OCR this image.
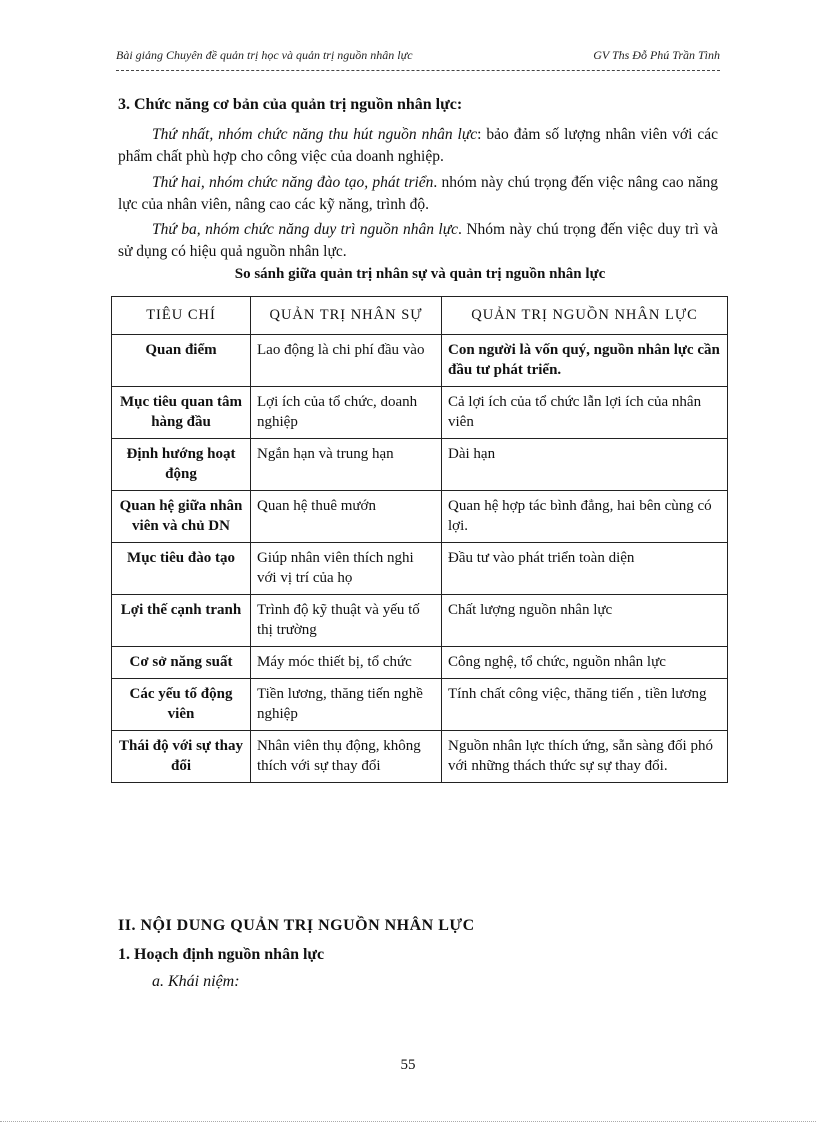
Bài giảng Chuyên đề quản trị học và quản trị nguồn nhân lực	GV Ths Đỗ Phú Trần Tình
3. Chức năng cơ bản của quản trị nguồn nhân lực:
Thứ nhất, nhóm chức năng thu hút nguồn nhân lực: bảo đảm số lượng nhân viên với các phẩm chất phù hợp cho công việc của doanh nghiệp.
Thứ hai, nhóm chức năng đào tạo, phát triển. nhóm này chú trọng đến việc nâng cao năng lực của nhân viên, nâng cao các kỹ năng, trình độ.
Thứ ba, nhóm chức năng duy trì nguồn nhân lực. Nhóm này chú trọng đến việc duy trì và sử dụng có hiệu quả nguồn nhân lực.
So sánh giữa quản trị nhân sự và quản trị nguồn nhân lực
TIÊU CHÍ	QUẢN TRỊ NHÂN SỰ	QUẢN TRỊ NGUỒN NHÂN LỰC
Quan điểm	Lao động là chi phí đầu vào	Con người là vốn quý, nguồn nhân lực cần đầu tư phát triển.
Mục tiêu quan tâm hàng đầu	Lợi ích của tổ chức, doanh nghiệp	Cả lợi ích của tổ chức lẫn lợi ích của nhân viên
Định hướng hoạt động	Ngắn hạn và trung hạn	Dài hạn
Quan hệ giữa nhân viên và chủ DN	Quan hệ thuê mướn	Quan hệ hợp tác bình đẳng, hai bên cùng có lợi.
Mục tiêu đào tạo	Giúp nhân viên thích nghi với vị trí của họ	Đầu tư vào phát triển toàn diện
Lợi thế cạnh tranh	Trình độ kỹ thuật và yếu tố thị trường	Chất lượng nguồn nhân lực
Cơ sở năng suất	Máy móc thiết bị, tổ chức	Công nghệ, tổ chức, nguồn nhân lực
Các yếu tố động viên	Tiền lương, thăng tiến nghề nghiệp	Tính chất công việc, thăng tiến , tiền lương
Thái độ với sự thay đổi	Nhân viên thụ động, không thích với sự thay đổi	Nguồn nhân lực thích ứng, sẵn sàng đối phó với những thách thức sự sự thay đổi.
II. NỘI DUNG QUẢN TRỊ NGUỒN NHÂN LỰC
1. Hoạch định nguồn nhân lực
a. Khái niệm:
55
